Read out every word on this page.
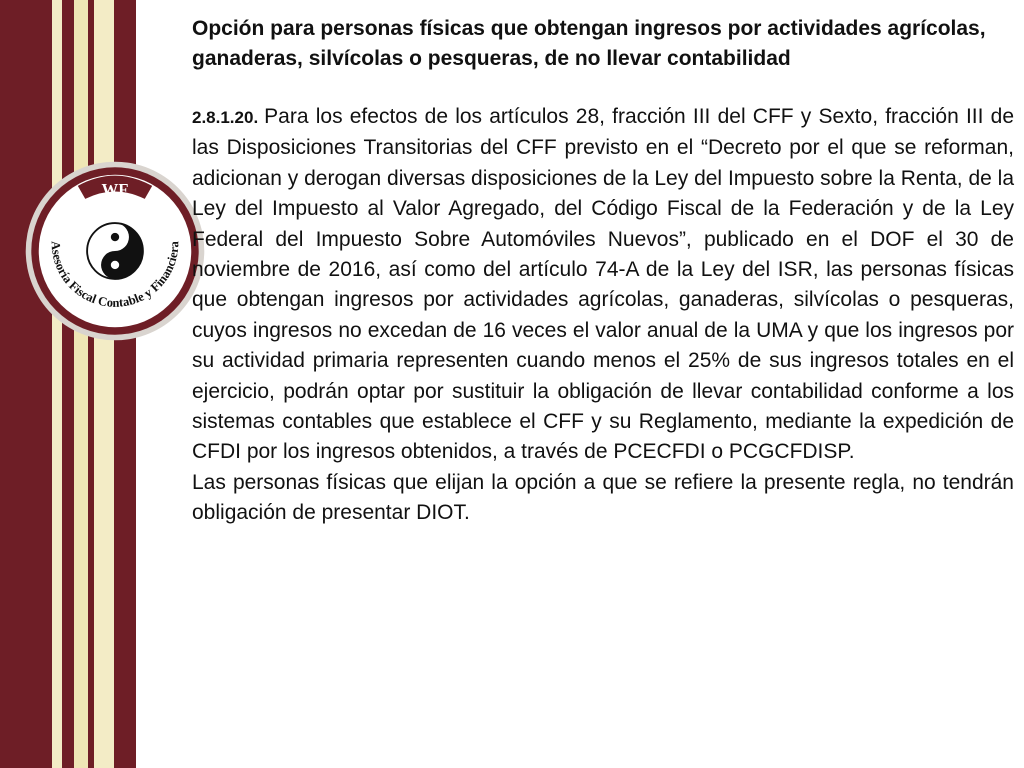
WF
Asesoría Fiscal Contable y Financiera

Opción para personas físicas que obtengan ingresos por actividades agrícolas, ganaderas, silvícolas o pesqueras, de no llevar contabilidad

2.8.1.20. Para los efectos de los artículos 28, fracción III del CFF y Sexto, fracción III de las Disposiciones Transitorias del CFF previsto en el “Decreto por el que se reforman, adicionan y derogan diversas disposiciones de la Ley del Impuesto sobre la Renta, de la Ley del Impuesto al Valor Agregado, del Código Fiscal de la Federación y de la Ley Federal del Impuesto Sobre Automóviles Nuevos”, publicado en el DOF el 30 de noviembre de 2016, así como del artículo 74-A de la Ley del ISR, las personas físicas que obtengan ingresos por actividades agrícolas, ganaderas, silvícolas o pesqueras, cuyos ingresos no excedan de 16 veces el valor anual de la UMA y que los ingresos por su actividad primaria representen cuando menos el 25% de sus ingresos totales en el ejercicio, podrán optar por sustituir la obligación de llevar contabilidad conforme a los sistemas contables que establece el CFF y su Reglamento, mediante la expedición de CFDI por los ingresos obtenidos, a través de PCECFDI o PCGCFDISP.

Las personas físicas que elijan la opción a que se refiere la presente regla, no tendrán obligación de presentar DIOT.
